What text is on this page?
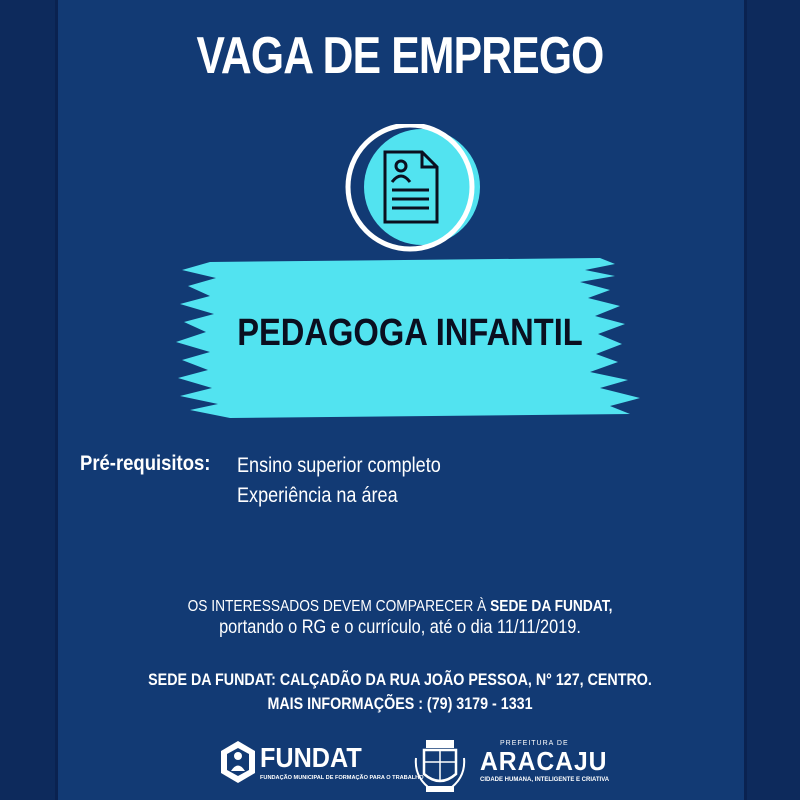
VAGA DE EMPREGO
PEDAGOGA INFANTIL
Pré-requisitos: Ensino superior completo
Experiência na área
OS INTERESSADOS DEVEM COMPARECER À SEDE DA FUNDAT,
portando o RG e o currículo, até o dia 11/11/2019.
SEDE DA FUNDAT: CALÇADÃO DA RUA JOÃO PESSOA, N° 127, CENTRO.
MAIS INFORMAÇÕES : (79) 3179 - 1331
FUNDAT
FUNDAÇÃO MUNICIPAL DE FORMAÇÃO PARA O TRABALHO
PREFEITURA DE
ARACAJU
CIDADE HUMANA, INTELIGENTE E CRIATIVA
